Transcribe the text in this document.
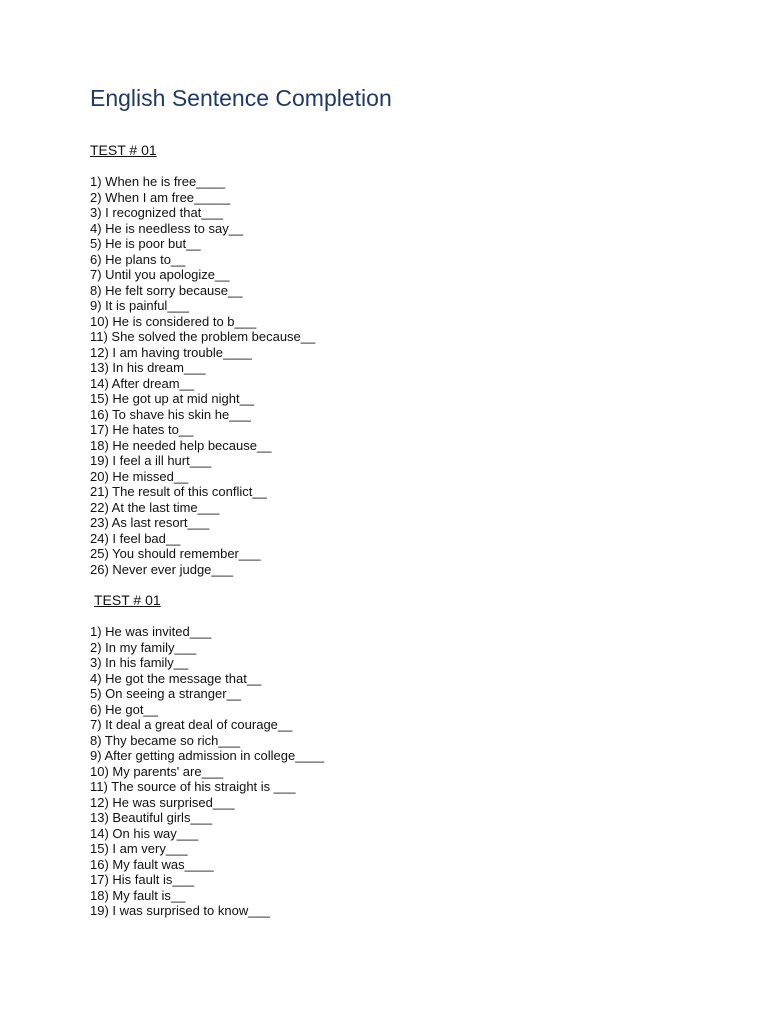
English Sentence Completion
TEST # 01
1) When he is free____
2) When I am free_____
3) I recognized that___
4) He is needless to say__
5) He is poor but__
6) He plans to__
7) Until you apologize__
8) He felt sorry because__
9) It is painful___
10) He is considered to b___
11) She solved the problem because__
12) I am having trouble____
13) In his dream___
14) After dream__
15) He got up at mid night__
16) To shave his skin he___
17) He hates to__
18) He needed help because__
19) I feel a ill hurt___
20) He missed__
21) The result of this conflict__
22) At the last time___
23) As last resort___
24) I feel bad__
25) You should remember___
26) Never ever judge___
TEST # 01
1) He was invited___
2) In my family___
3) In his family__
4) He got the message that__
5) On seeing a stranger__
6) He got__
7) It deal a great deal of courage__
8) Thy became so rich___
9) After getting admission in college____
10) My parents' are___
11) The source of his straight is ___
12) He was surprised___
13) Beautiful girls___
14) On his way___
15) I am very___
16) My fault was____
17) His fault is___
18) My fault is__
19) I was surprised to know___
